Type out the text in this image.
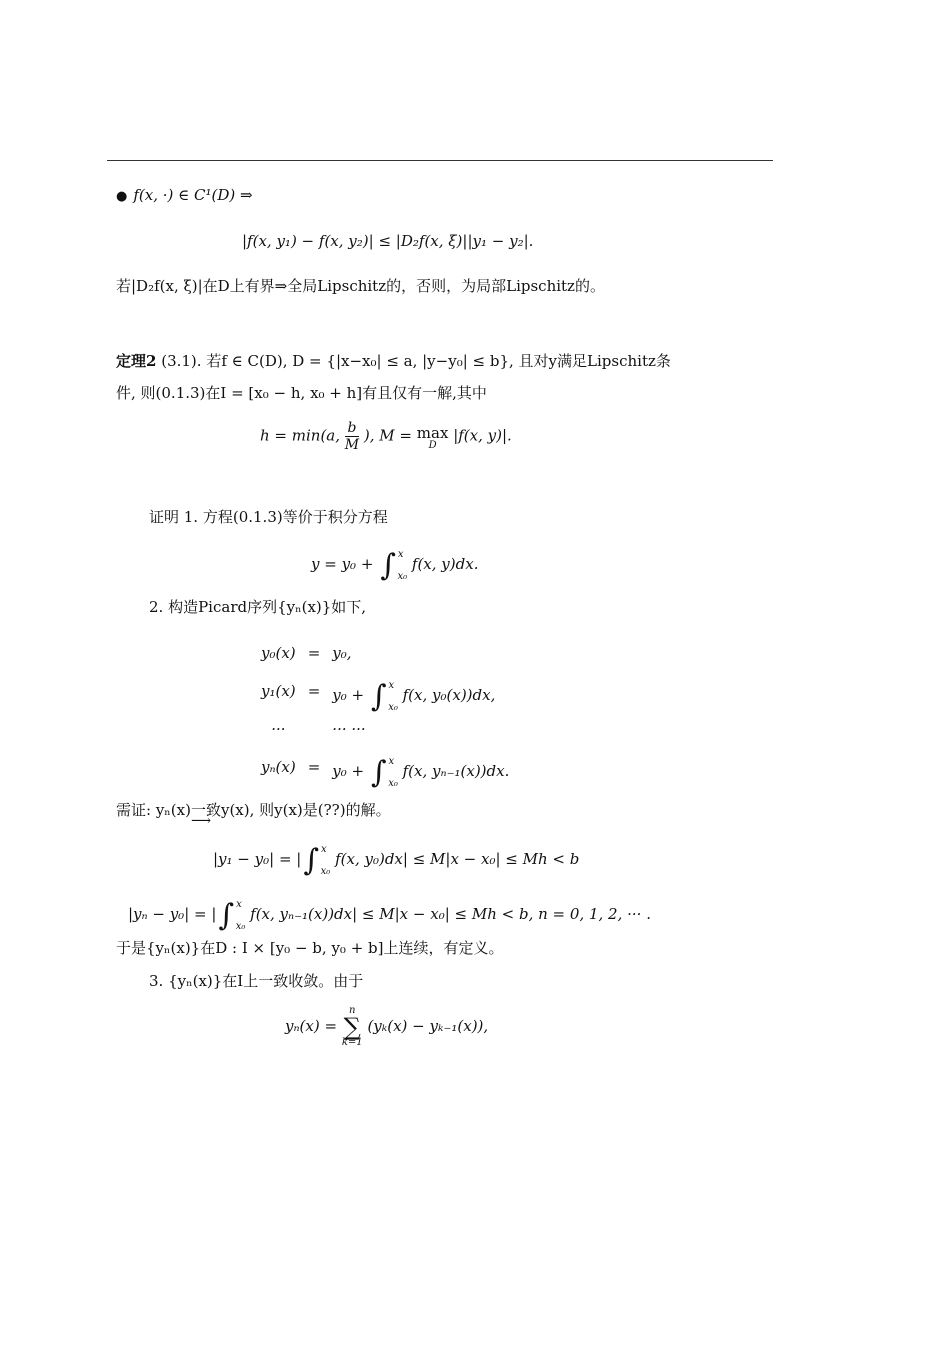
● f(x, ·) ∈ C¹(D) ⇒
|f(x, y₁) − f(x, y₂)| ≤ |D₂f(x, ξ)||y₁ − y₂|.
若|D₂f(x, ξ)|在D上有界⇒全局Lipschitz的，否则，为局部Lipschitz的。
定理2 (3.1). 若f ∈ C(D), D = {|x−x₀| ≤ a, |y−y₀| ≤ b}, 且对y满足Lipschitz条
件, 则(0.1.3)在I = [x₀ − h, x₀ + h]有且仅有一解,其中
h = min(a, $\frac{b}{M}$ ), M = max
D
|f(x, y)|.
证明 1. 方程(0.1.3)等价于积分方程
y = y₀ + ∫ $^x_{x_0}$ f(x, y)dx.
2. 构造Picard序列{yₙ(x)}如下,
y₀(x)	=	y₀,
y₁(x)	=	y₀ + ∫ $^x_{x_0}$ f(x, y₀(x))dx,
···		··· ···
yₙ(x)	=	y₀ + ∫ $^x_{x_0}$ f(x, yₙ₋₁(x))dx.
需证: yₙ(x)一致 ⟶y(x), 则y(x)是(??)的解。
|y₁ − y₀| = |∫ $^x_{x_0}$ f(x, y₀)dx| ≤ M|x − x₀| ≤ Mh < b
|yₙ − y₀| = |∫ $^x_{x_0}$ f(x, yₙ₋₁(x))dx| ≤ M|x − x₀| ≤ Mh < b, n = 0, 1, 2, ··· .
于是{yₙ(x)}在D : I × [y₀ − b, y₀ + b]上连续，有定义。
3. {yₙ(x)}在I上一致收敛。由于
yₙ(x) =
n
∑
k=1
(yₖ(x) − yₖ₋₁(x)),
